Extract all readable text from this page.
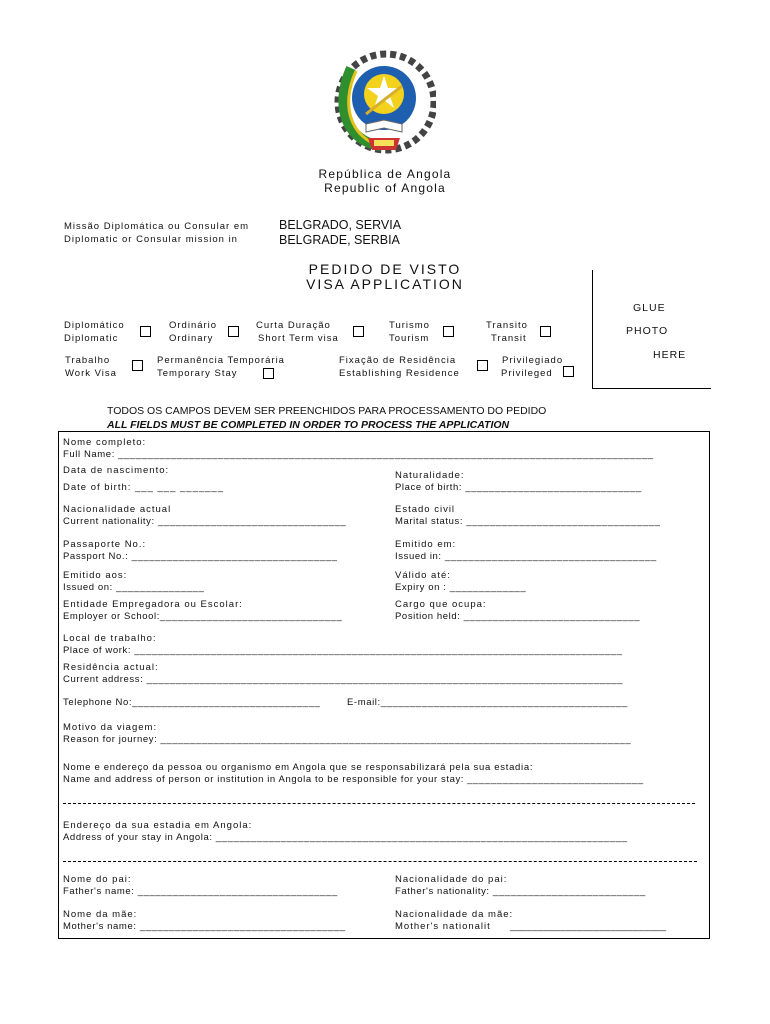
República de Angola
Republic of Angola
Missão Diplomática ou Consular em
Diplomatic or Consular mission in
BELGRADO, SERVIA
BELGRADE, SERBIA
PEDIDO DE VISTO
VISA APPLICATION

GLUE

PHOTO

HERE

Diplomático
Diplomatic
Ordinário
Ordinary
Curta Duração
Short Term visa
Turismo
Tourism
Transito
Transit
Trabalho
Work Visa
Permanência Temporária
Temporary Stay
Fixação de Residência
Establishing Residence
Privilegiado
Privileged
TODOS OS CAMPOS DEVEM SER PREENCHIDOS PARA PROCESSAMENTO DO PEDIDO
ALL FIELDS MUST BE COMPLETED IN ORDER TO PROCESS THE APPLICATION
Nome completo:
Full Name: ___________________________________________________________________________________________
Data de nascimento:
Date of birth: ___ ___ _______
Naturalidade:
Place of birth: ______________________________
Nacionalidade actual
Current nationality: ________________________________
Estado civil
Marital status: _________________________________
Passaporte No.:
Passport No.: ___________________________________
Emitido em:
Issued in: ____________________________________
Emitido aos:
Issued on: _______________
Válido até:
Expiry on : _____________
Entidade Empregadora ou Escolar:
Employer or School:_______________________________
Cargo que ocupa:
Position held: ______________________________
Local de trabalho:
Place of work: ___________________________________________________________________________________
Residência actual:
Current address: _________________________________________________________________________________
Telephone No:________________________________	E-mail:__________________________________________
Motivo da viagem:
Reason for journey: ________________________________________________________________________________
Nome e endereço da pessoa ou organismo em Angola que se responsabilizará pela sua estadia:
Name and address of person or institution in Angola to be responsible for your stay: ______________________________
Endereço da sua estadia em Angola:
Address of your stay in Angola: ______________________________________________________________________
Nome do pai:
Father's name: __________________________________
Nacionalidade do pai:
Father's nationality: __________________________
Nome da mãe:
Mother's name: ___________________________________
Nacionalidade da mãe:
Mother's nationalit ____________________________
